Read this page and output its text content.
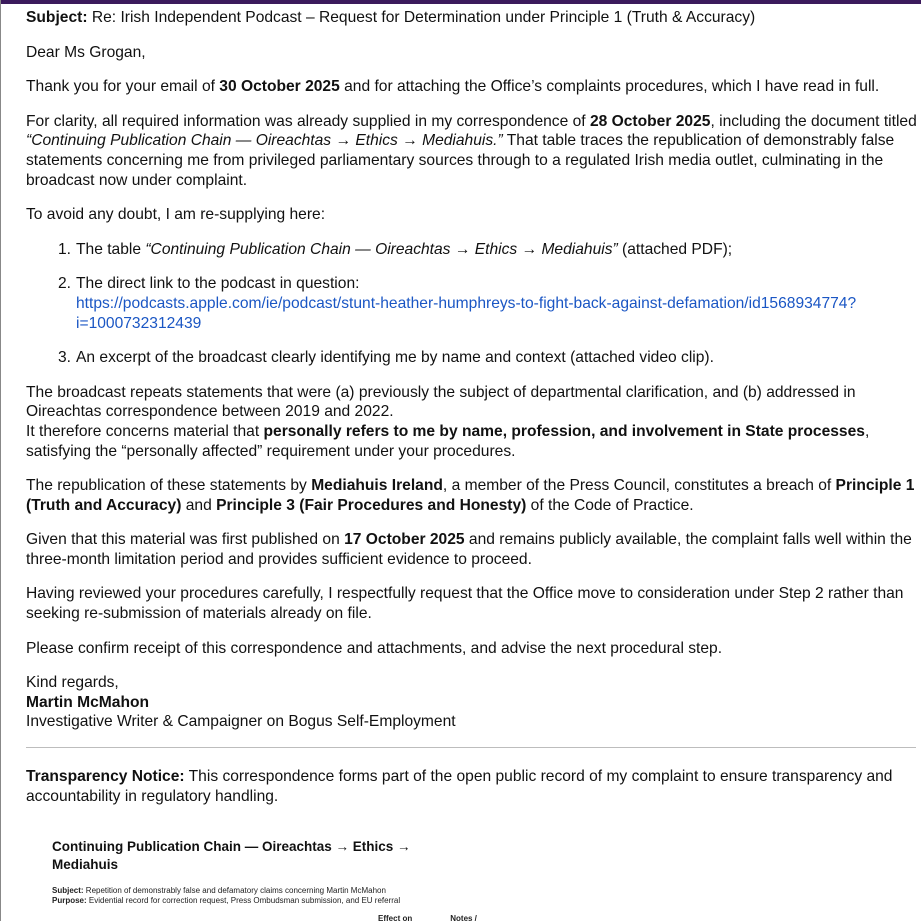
Subject: Re: Irish Independent Podcast – Request for Determination under Principle 1 (Truth & Accuracy)

Dear Ms Grogan,

Thank you for your email of 30 October 2025 and for attaching the Office’s complaints procedures, which I have read in full.

For clarity, all required information was already supplied in my correspondence of 28 October 2025, including the document titled “Continuing Publication Chain — Oireachtas → Ethics → Mediahuis.” That table traces the republication of demonstrably false statements concerning me from privileged parliamentary sources through to a regulated Irish media outlet, culminating in the broadcast now under complaint.

To avoid any doubt, I am re-supplying here:

1. The table “Continuing Publication Chain — Oireachtas → Ethics → Mediahuis” (attached PDF);
2. The direct link to the podcast in question:
https://podcasts.apple.com/ie/podcast/stunt-heather-humphreys-to-fight-back-against-defamation/id1568934774?
i=1000732312439
3. An excerpt of the broadcast clearly identifying me by name and context (attached video clip).

The broadcast repeats statements that were (a) previously the subject of departmental clarification, and (b) addressed in Oireachtas correspondence between 2019 and 2022.
It therefore concerns material that personally refers to me by name, profession, and involvement in State processes, satisfying the “personally affected” requirement under your procedures.

The republication of these statements by Mediahuis Ireland, a member of the Press Council, constitutes a breach of Principle 1 (Truth and Accuracy) and Principle 3 (Fair Procedures and Honesty) of the Code of Practice.

Given that this material was first published on 17 October 2025 and remains publicly available, the complaint falls well within the three-month limitation period and provides sufficient evidence to proceed.

Having reviewed your procedures carefully, I respectfully request that the Office move to consideration under Step 2 rather than seeking re-submission of materials already on file.

Please confirm receipt of this correspondence and attachments, and advise the next procedural step.

Kind regards,
Martin McMahon
Investigative Writer & Campaigner on Bogus Self-Employment

Transparency Notice: This correspondence forms part of the open public record of my complaint to ensure transparency and accountability in regulatory handling.
Continuing Publication Chain — Oireachtas → Ethics →
Mediahuis
Subject: Repetition of demonstrably false and defamatory claims concerning Martin McMahon
Purpose: Evidential record for correction request, Press Ombudsman submission, and EU referral
Effect on	Notes /
